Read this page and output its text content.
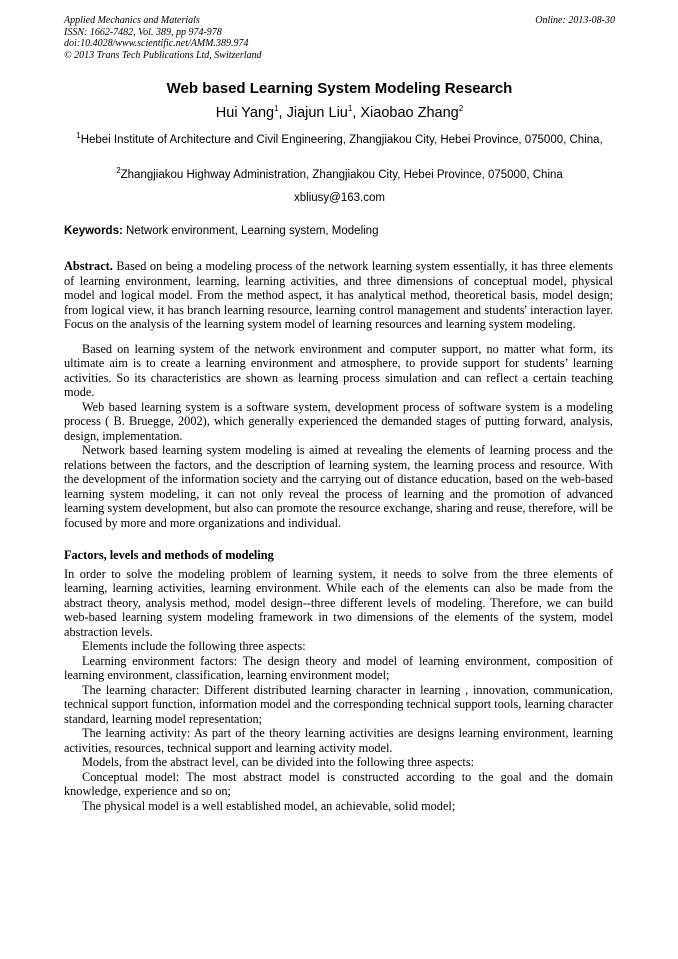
Applied Mechanics and Materials
ISSN: 1662-7482, Vol. 389, pp 974-978
doi:10.4028/www.scientific.net/AMM.389.974
© 2013 Trans Tech Publications Ltd, Switzerland
Online: 2013-08-30
Web based Learning System Modeling Research
Hui Yang$^1$, Jiajun Liu$^1$, Xiaobao Zhang$^2$
$^1$Hebei Institute of Architecture and Civil Engineering, Zhangjiakou City, Hebei Province, 075000, China,
$^2$Zhangjiakou Highway Administration, Zhangjiakou City, Hebei Province, 075000, China
xbliusy@163.com
Keywords: Network environment, Learning system, Modeling

Abstract. Based on being a modeling process of the network learning system essentially, it has three elements of learning environment, learning, learning activities, and three dimensions of conceptual model, physical model and logical model. From the method aspect, it has analytical method, theoretical basis, model design; from logical view, it has branch learning resource, learning control management and students' interaction layer. Focus on the analysis of the learning system model of learning resources and learning system modeling.

Based on learning system of the network environment and computer support, no matter what form, its ultimate aim is to create a learning environment and atmosphere, to provide support for students’ learning activities. So its characteristics are shown as learning process simulation and can reflect a certain teaching mode.

Web based learning system is a software system, development process of software system is a modeling process ( B. Bruegge, 2002), which generally experienced the demanded stages of putting forward, analysis, design, implementation.

Network based learning system modeling is aimed at revealing the elements of learning process and the relations between the factors, and the description of learning system, the learning process and resource. With the development of the information society and the carrying out of distance education, based on the web-based learning system modeling, it can not only reveal the process of learning and the promotion of advanced learning system development, but also can promote the resource exchange, sharing and reuse, therefore, will be focused by more and more organizations and individual.

Factors, levels and methods of modeling

In order to solve the modeling problem of learning system, it needs to solve from the three elements of learning, learning activities, learning environment. While each of the elements can also be made from the abstract theory, analysis method, model design--three different levels of modeling. Therefore, we can build web-based learning system modeling framework in two dimensions of the elements of the system, model abstraction levels.

Elements include the following three aspects:

Learning environment factors: The design theory and model of learning environment, composition of learning environment, classification, learning environment model;

The learning character: Different distributed learning character in learning , innovation, communication, technical support function, information model and the corresponding technical support tools, learning character standard, learning model representation;

The learning activity: As part of the theory learning activities are designs learning environment, learning activities, resources, technical support and learning activity model.

Models, from the abstract level, can be divided into the following three aspects:

Conceptual model: The most abstract model is constructed according to the goal and the domain knowledge, experience and so on;

The physical model is a well established model, an achievable, solid model;
